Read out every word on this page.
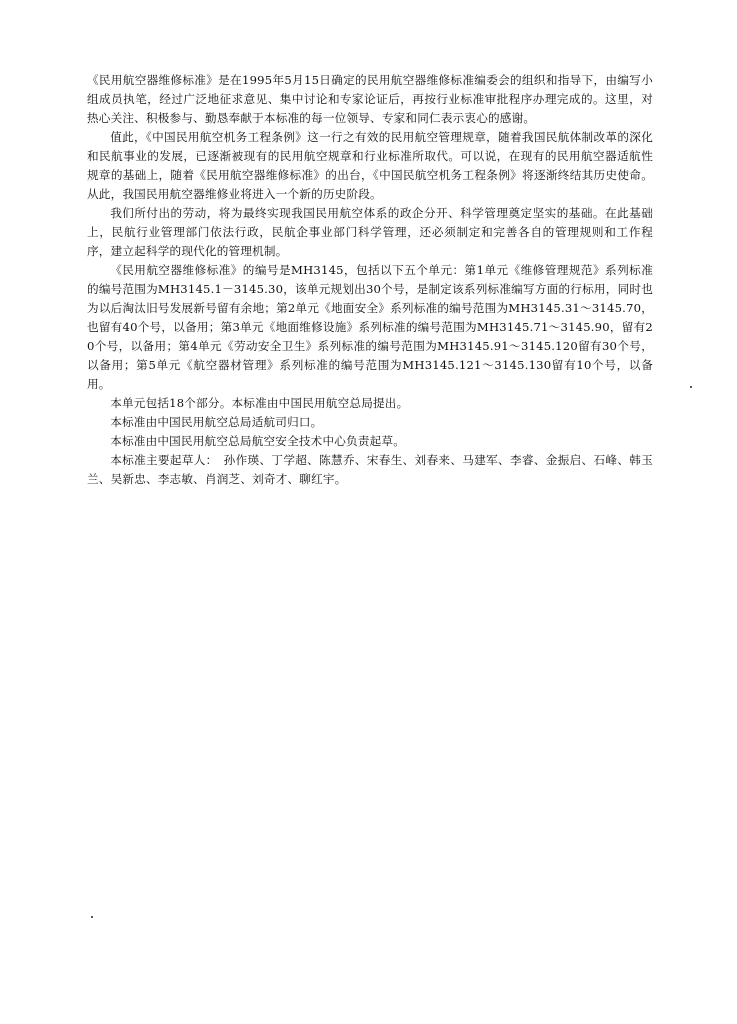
《民用航空器维修标准》是在1995年5月15日确定的民用航空器维修标准编委会的组织和指导下，由编写小组成员执笔，经过广泛地征求意见、集中讨论和专家论证后，再按行业标准审批程序办理完成的。这里，对热心关注、积极参与、勤恳奉献于本标准的每一位领导、专家和同仁表示衷心的感谢。

值此，《中国民用航空机务工程条例》这一行之有效的民用航空管理规章，随着我国民航体制改革的深化和民航事业的发展，已逐渐被现有的民用航空规章和行业标准所取代。可以说，在现有的民用航空器适航性规章的基础上，随着《民用航空器维修标准》的出台，《中国民航空机务工程条例》将逐渐终结其历史使命。从此，我国民用航空器维修业将进入一个新的历史阶段。

我们所付出的劳动，将为最终实现我国民用航空体系的政企分开、科学管理奠定坚实的基础。在此基础上，民航行业管理部门依法行政，民航企事业部门科学管理，还必须制定和完善各自的管理规则和工作程序，建立起科学的现代化的管理机制。

《民用航空器维修标准》的编号是MH3145，包括以下五个单元：第1单元《维修管理规范》系列标准的编号范围为MH3145.1－3145.30，该单元规划出30个号，是制定该系列标准编写方面的行标用，同时也为以后淘汰旧号发展新号留有余地；第2单元《地面安全》系列标准的编号范围为MH3145.31～3145.70，也留有40个号，以备用；第3单元《地面维修设施》系列标准的编号范围为MH3145.71～3145.90，留有20个号，以备用；第4单元《劳动安全卫生》系列标准的编号范围为MH3145.91～3145.120留有30个号，以备用；第5单元《航空器材管理》系列标准的编号范围为MH3145.121～3145.130留有10个号，以备用。

本单元包括18个部分。本标准由中国民用航空总局提出。

本标准由中国民用航空总局适航司归口。

本标准由中国民用航空总局航空安全技术中心负责起草。

本标准主要起草人：　孙作瑛、丁学超、陈慧乔、宋春生、刘春来、马建军、李睿、金振启、石峰、韩玉兰、吴新忠、李志敏、肖润芝、刘奇才、聊红宇。
